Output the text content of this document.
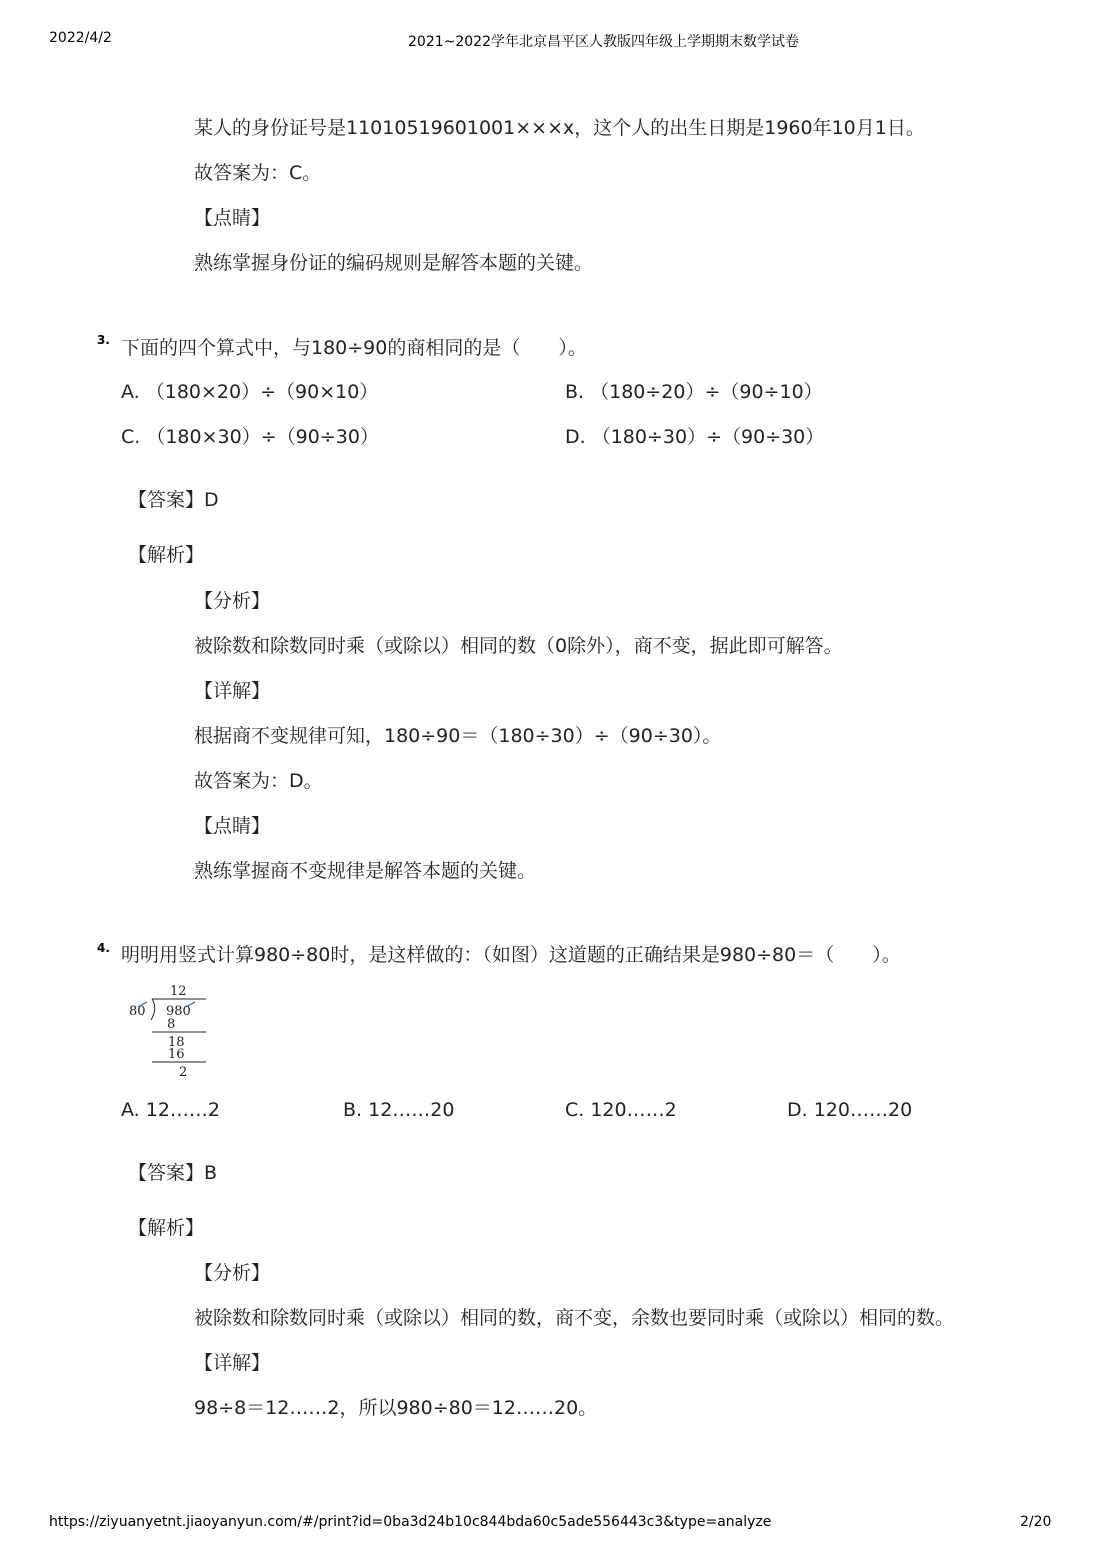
2022/4/2	2021~2022学年北京昌平区人教版四年级上学期期末数学试卷
某人的身份证号是11010519601001×××x，这个人的出生日期是1960年10月1日。
故答案为：C。
【点睛】
熟练掌握身份证的编码规则是解答本题的关键。
3. 下面的四个算式中，与180÷90的商相同的是（　　）。
A. （180×20）÷（90×10）	B. （180÷20）÷（90÷10）
C. （180×30）÷（90÷30）	D. （180÷30）÷（90÷30）
【答案】D
【解析】
【分析】
被除数和除数同时乘（或除以）相同的数（0除外），商不变，据此即可解答。
【详解】
根据商不变规律可知，180÷90＝（180÷30）÷（90÷30）。
故答案为：D。
【点睛】
熟练掌握商不变规律是解答本题的关键。
4. 明明用竖式计算980÷80时，是这样做的：（如图）这道题的正确结果是980÷80＝（　　）。
12
80 980
8
18
16
2
A. 12……2	B. 12……20	C. 120……2	D. 120……20
【答案】B
【解析】
【分析】
被除数和除数同时乘（或除以）相同的数，商不变，余数也要同时乘（或除以）相同的数。
【详解】
98÷8＝12……2，所以980÷80＝12……20。
https://ziyuanyetnt.jiaoyanyun.com/#/print?id=0ba3d24b10c844bda60c5ade556443c3&type=analyze	2/20
